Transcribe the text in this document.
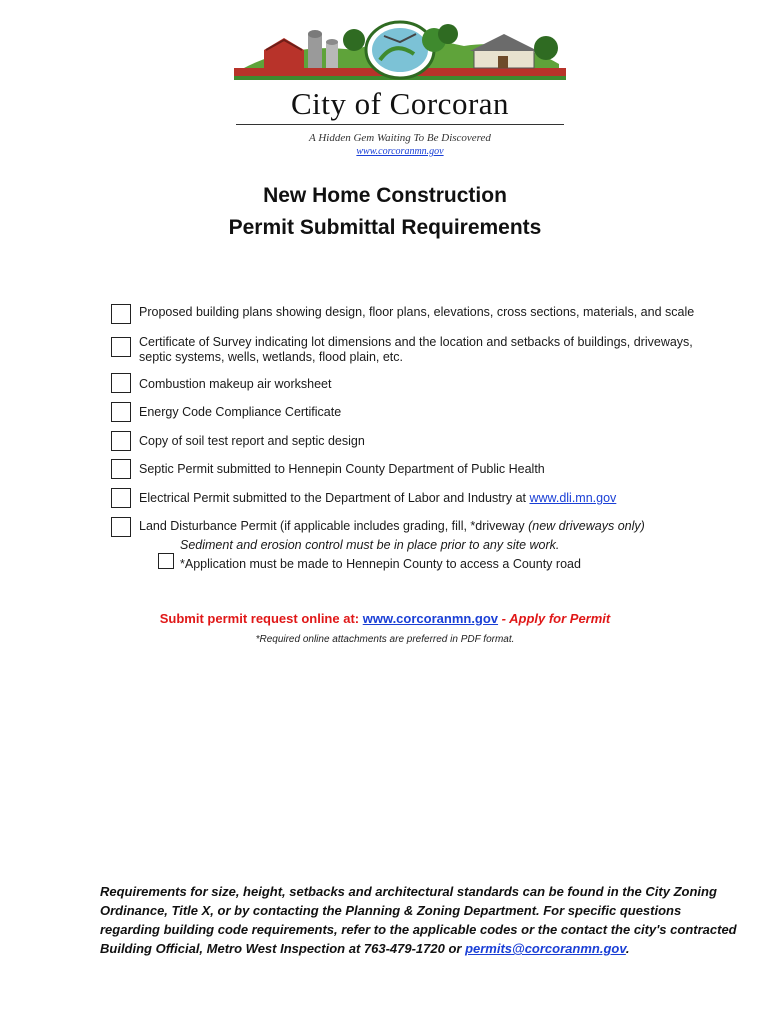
City of Corcoran
A Hidden Gem Waiting To Be Discovered
www.corcoranmn.gov
New Home Construction
Permit Submittal Requirements
Proposed building plans showing design, floor plans, elevations, cross sections, materials, and scale
Certificate of Survey indicating lot dimensions and the location and setbacks of buildings, driveways,
septic systems, wells, wetlands, flood plain, etc.
Combustion makeup air worksheet
Energy Code Compliance Certificate
Copy of soil test report and septic design
Septic Permit submitted to Hennepin County Department of Public Health
Electrical Permit submitted to the Department of Labor and Industry at www.dli.mn.gov
Land Disturbance Permit (if applicable includes grading, fill, *driveway (new driveways only)
Sediment and erosion control must be in place prior to any site work.
*Application must be made to Hennepin County to access a County road
Submit permit request online at: www.corcoranmn.gov - Apply for Permit
*Required online attachments are preferred in PDF format.
Requirements for size, height, setbacks and architectural standards can be found in the City Zoning Ordinance, Title X, or by contacting the Planning & Zoning Department. For specific questions regarding building code requirements, refer to the applicable codes or the contact the city's contracted Building Official, Metro West Inspection at 763-479-1720 or permits@corcoranmn.gov.
